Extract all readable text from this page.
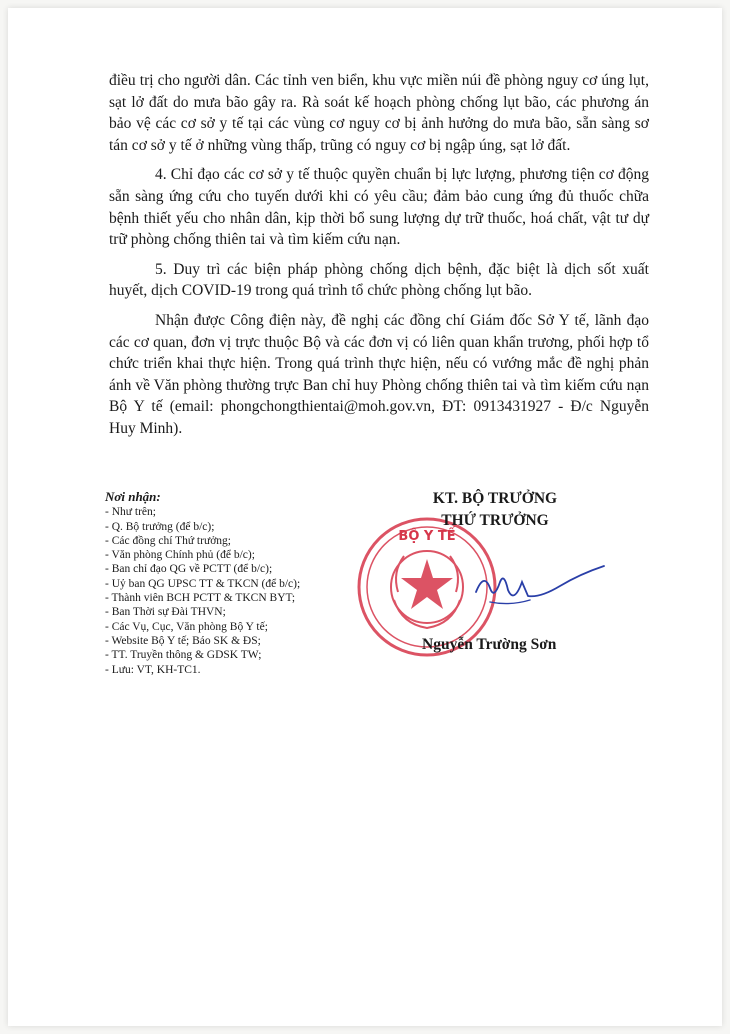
điều trị cho người dân. Các tỉnh ven biển, khu vực miền núi đề phòng nguy cơ úng lụt, sạt lở đất do mưa bão gây ra. Rà soát kế hoạch phòng chống lụt bão, các phương án bảo vệ các cơ sở y tế tại các vùng cơ nguy cơ bị ảnh hưởng do mưa bão, sẵn sàng sơ tán cơ sở y tế ở những vùng thấp, trũng có nguy cơ bị ngập úng, sạt lở đất.

4. Chỉ đạo các cơ sở y tế thuộc quyền chuẩn bị lực lượng, phương tiện cơ động sẵn sàng ứng cứu cho tuyến dưới khi có yêu cầu; đảm bảo cung ứng đủ thuốc chữa bệnh thiết yếu cho nhân dân, kịp thời bổ sung lượng dự trữ thuốc, hoá chất, vật tư dự trữ phòng chống thiên tai và tìm kiếm cứu nạn.

5. Duy trì các biện pháp phòng chống dịch bệnh, đặc biệt là dịch sốt xuất huyết, dịch COVID-19 trong quá trình tổ chức phòng chống lụt bão.

Nhận được Công điện này, đề nghị các đồng chí Giám đốc Sở Y tế, lãnh đạo các cơ quan, đơn vị trực thuộc Bộ và các đơn vị có liên quan khẩn trương, phối hợp tổ chức triển khai thực hiện. Trong quá trình thực hiện, nếu có vướng mắc đề nghị phản ánh về Văn phòng thường trực Ban chỉ huy Phòng chống thiên tai và tìm kiếm cứu nạn Bộ Y tế (email: phongchongthientai@moh.gov.vn, ĐT: 0913431927 - Đ/c Nguyễn Huy Minh).

Nơi nhận:
- Như trên;
- Q. Bộ trưởng (để b/c);
- Các đồng chí Thứ trưởng;
- Văn phòng Chính phủ (để b/c);
- Ban chỉ đạo QG về PCTT (để b/c);
- Uỷ ban QG UPSC TT & TKCN (để b/c);
- Thành viên BCH PCTT & TKCN BYT;
- Ban Thời sự Đài THVN;
- Các Vụ, Cục, Văn phòng Bộ Y tế;
- Website Bộ Y tế; Báo SK & ĐS;
- TT. Truyền thông & GDSK TW;
- Lưu: VT, KH-TC1.
BỘ Y TẾ
KT. BỘ TRƯỞNG
THỨ TRƯỞNG
Nguyễn Trường Sơn
